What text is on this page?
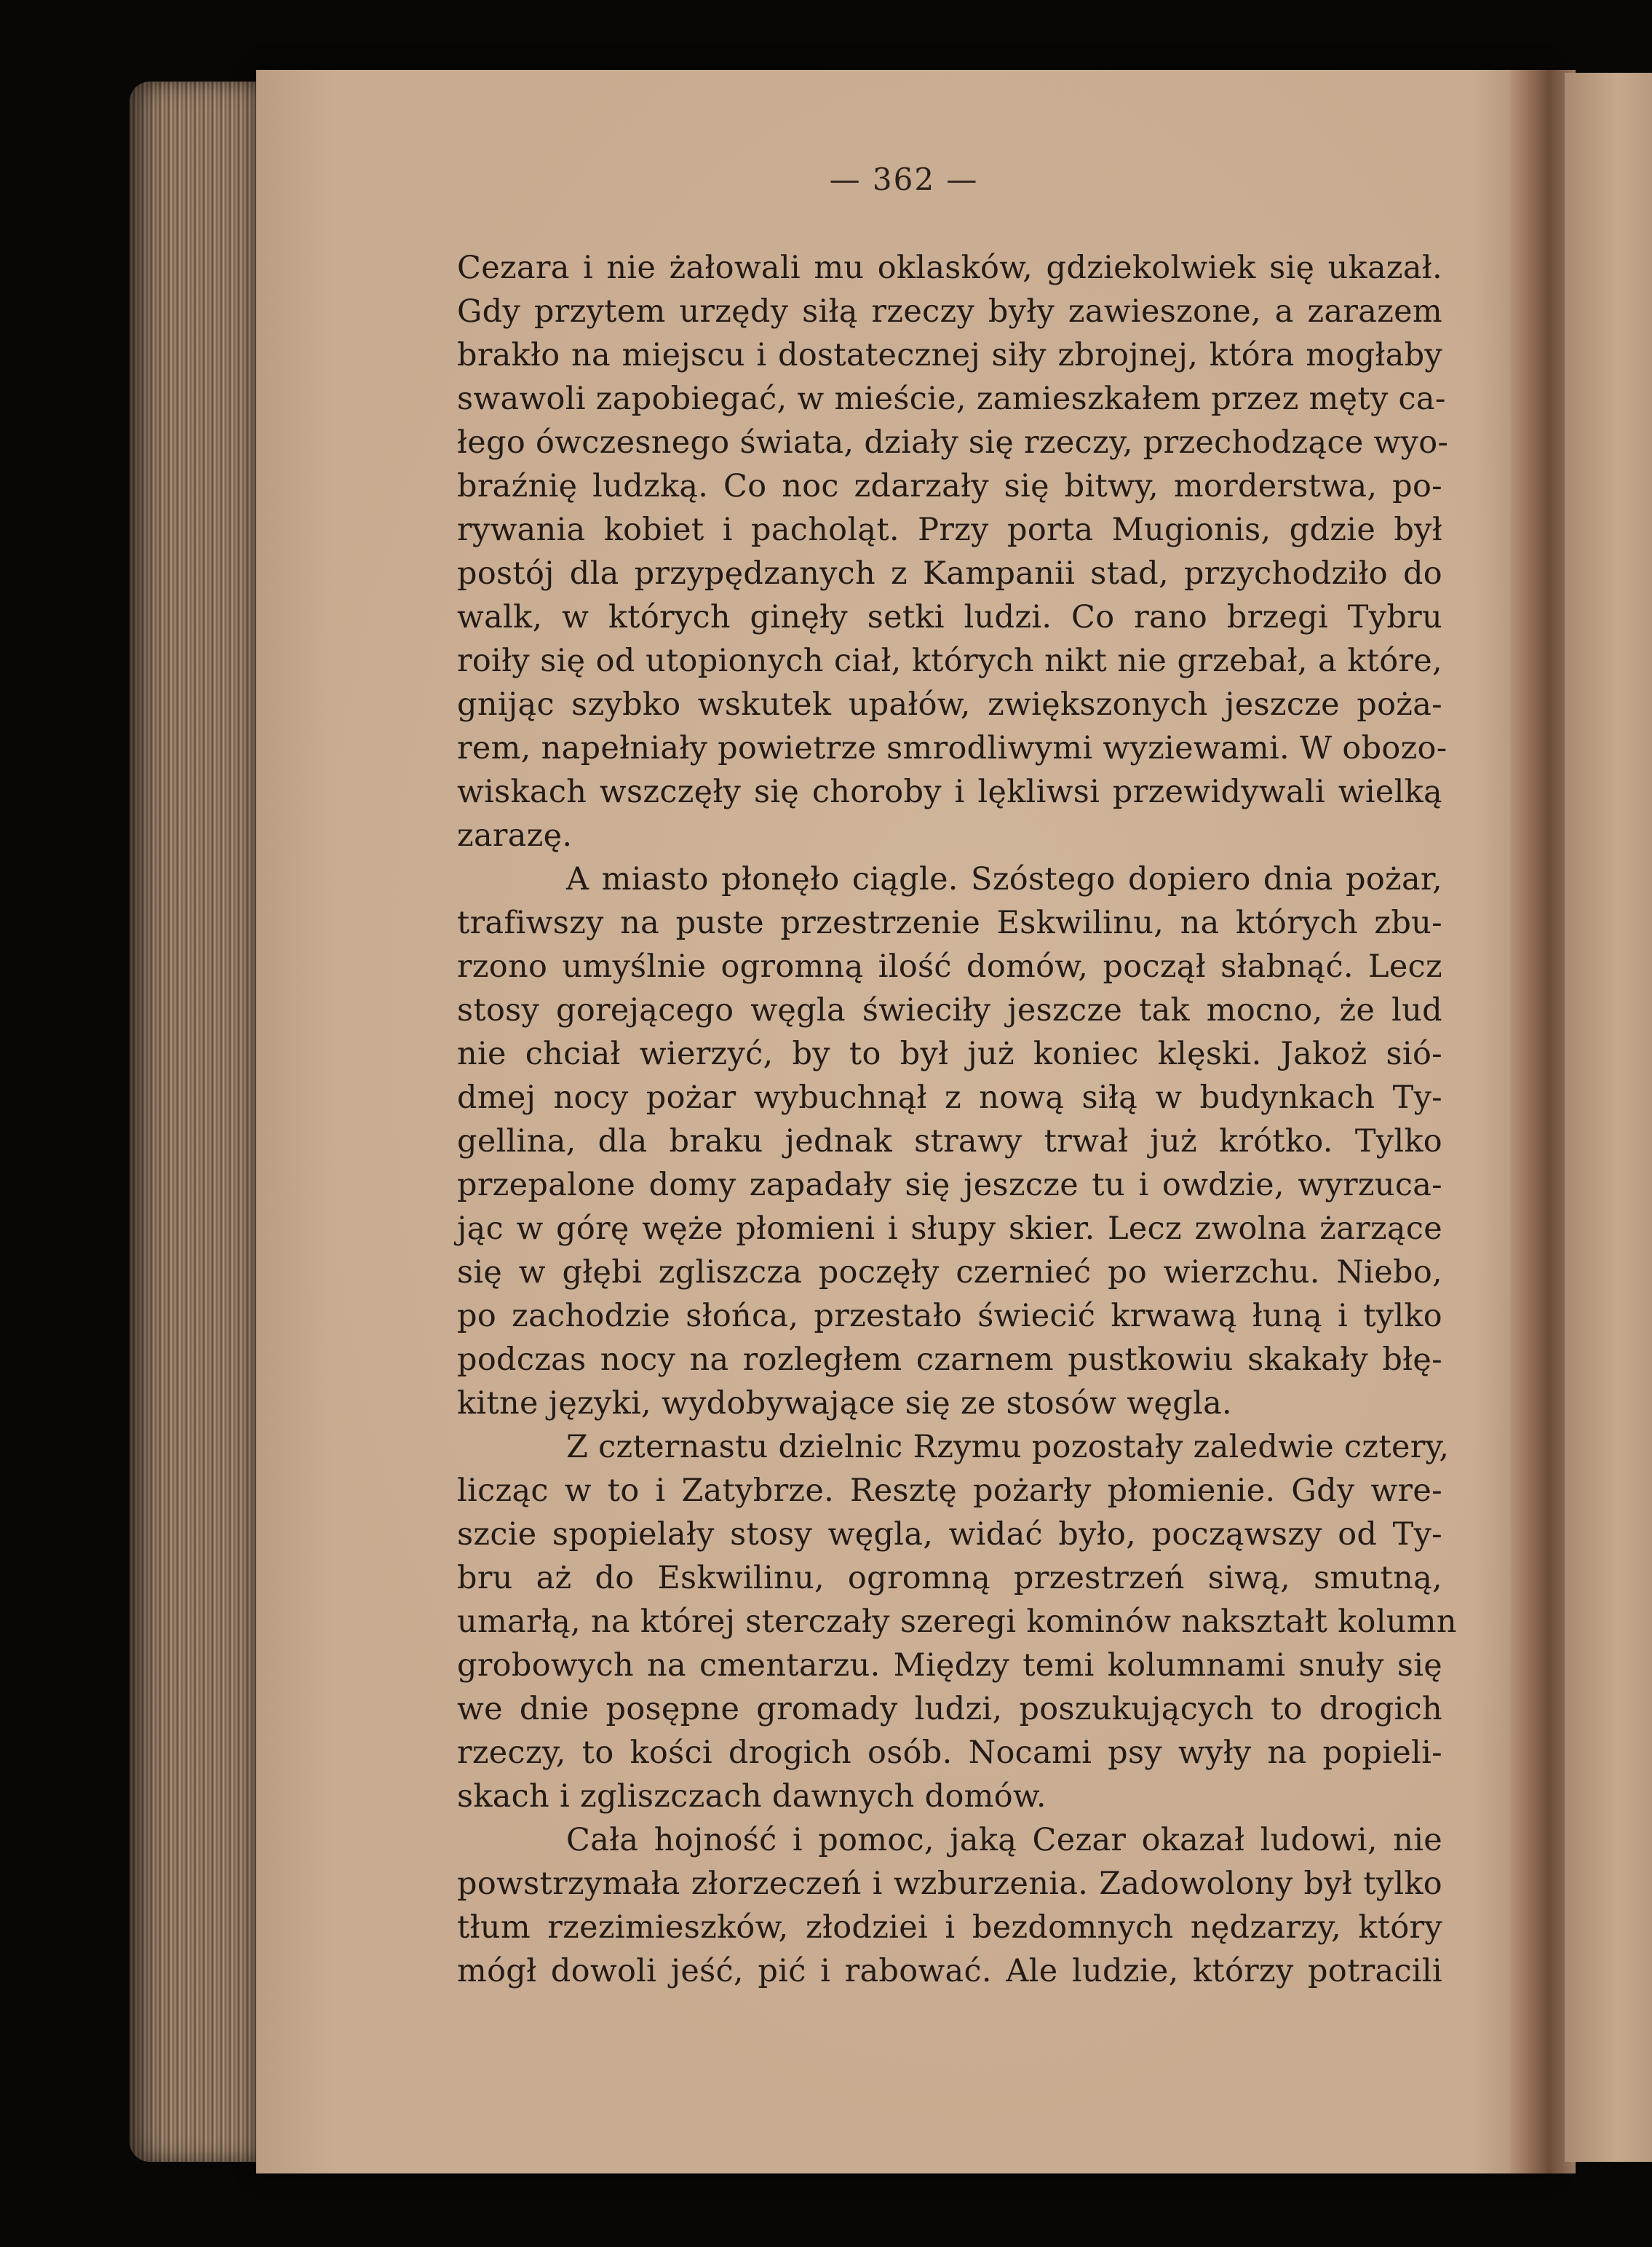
— 362 —
Cezara i nie żałowali mu oklasków, gdziekolwiek się ukazał.
Gdy przytem urzędy siłą rzeczy były zawieszone, a zarazem
brakło na miejscu i dostatecznej siły zbrojnej, która mogłaby
swawoli zapobiegać, w mieście, zamieszkałem przez męty ca-
łego ówczesnego świata, działy się rzeczy, przechodzące wyo-
braźnię ludzką. Co noc zdarzały się bitwy, morderstwa, po-
rywania kobiet i pacholąt. Przy porta Mugionis, gdzie był
postój dla przypędzanych z Kampanii stad, przychodziło do
walk, w których ginęły setki ludzi. Co rano brzegi Tybru
roiły się od utopionych ciał, których nikt nie grzebał, a które,
gnijąc szybko wskutek upałów, zwiększonych jeszcze poża-
rem, napełniały powietrze smrodliwymi wyziewami. W obozo-
wiskach wszczęły się choroby i lękliwsi przewidywali wielką
zarazę.
A miasto płonęło ciągle. Szóstego dopiero dnia pożar,
trafiwszy na puste przestrzenie Eskwilinu, na których zbu-
rzono umyślnie ogromną ilość domów, począł słabnąć. Lecz
stosy gorejącego węgla świeciły jeszcze tak mocno, że lud
nie chciał wierzyć, by to był już koniec klęski. Jakoż sió-
dmej nocy pożar wybuchnął z nową siłą w budynkach Ty-
gellina, dla braku jednak strawy trwał już krótko. Tylko
przepalone domy zapadały się jeszcze tu i owdzie, wyrzuca-
jąc w górę węże płomieni i słupy skier. Lecz zwolna żarzące
się w głębi zgliszcza poczęły czernieć po wierzchu. Niebo,
po zachodzie słońca, przestało świecić krwawą łuną i tylko
podczas nocy na rozległem czarnem pustkowiu skakały błę-
kitne języki, wydobywające się ze stosów węgla.
Z czternastu dzielnic Rzymu pozostały zaledwie cztery,
licząc w to i Zatybrze. Resztę pożarły płomienie. Gdy wre-
szcie spopielały stosy węgla, widać było, począwszy od Ty-
bru aż do Eskwilinu, ogromną przestrzeń siwą, smutną,
umarłą, na której sterczały szeregi kominów nakształt kolumn
grobowych na cmentarzu. Między temi kolumnami snuły się
we dnie posępne gromady ludzi, poszukujących to drogich
rzeczy, to kości drogich osób. Nocami psy wyły na popieli-
skach i zgliszczach dawnych domów.
Cała hojność i pomoc, jaką Cezar okazał ludowi, nie
powstrzymała złorzeczeń i wzburzenia. Zadowolony był tylko
tłum rzezimieszków, złodziei i bezdomnych nędzarzy, który
mógł dowoli jeść, pić i rabować. Ale ludzie, którzy potracili
